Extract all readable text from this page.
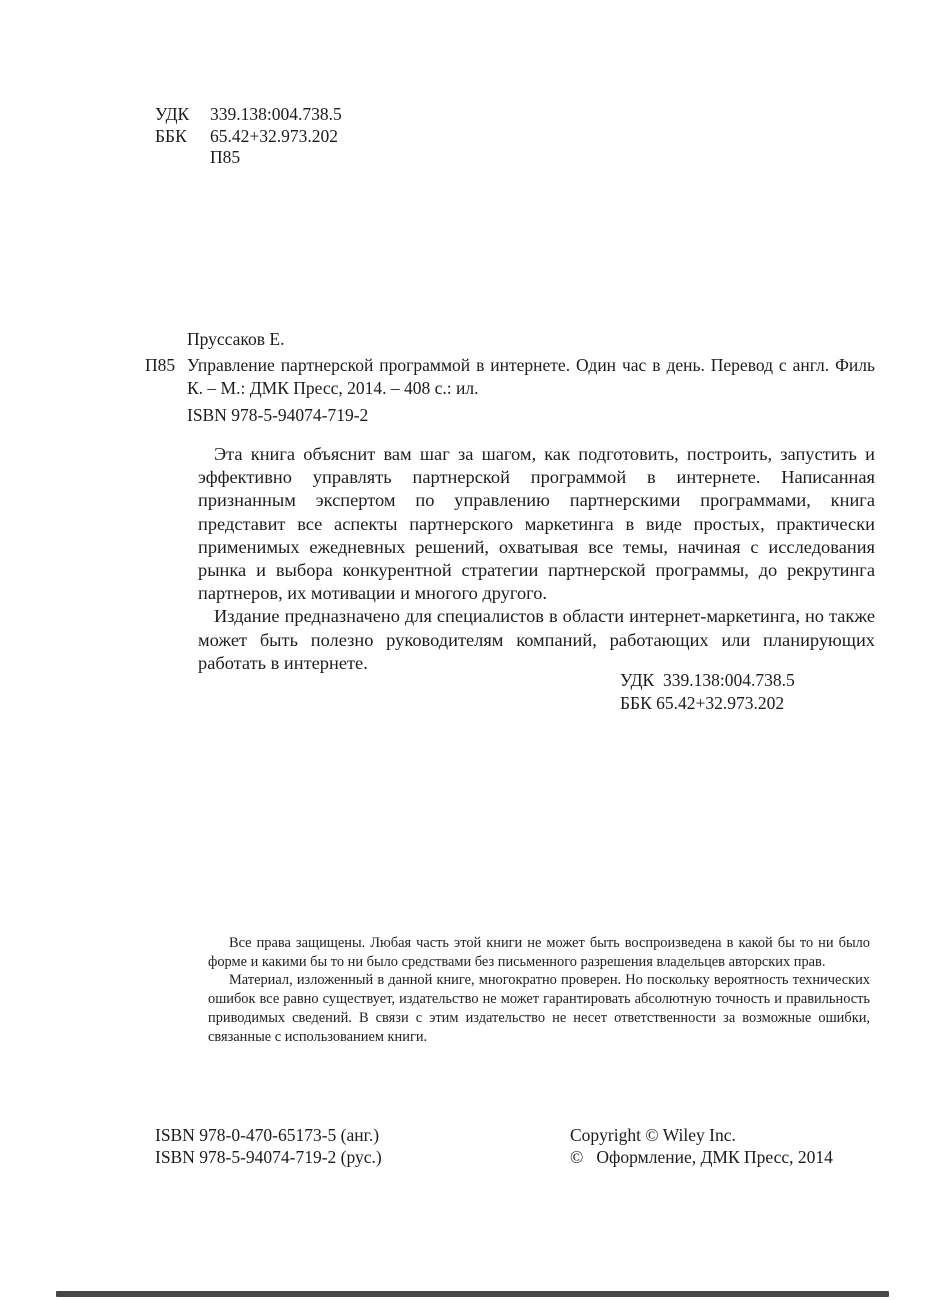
УДК	339.138:004.738.5
ББК	65.42+32.973.202
П85
Пруссаков Е.
П85 Управление партнерской программой в интернете. Один час в день. Перевод с англ. Филь К. – М.: ДМК Пресс, 2014. – 408 с.: ил.

ISBN 978-5-94074-719-2

Эта книга объяснит вам шаг за шагом, как подготовить, построить, запустить и эффективно управлять партнерской программой в интернете. Написанная признанным экспертом по управлению партнерскими программами, книга представит все аспекты партнерского маркетинга в виде простых, практически применимых ежедневных решений, охватывая все темы, начиная с исследования рынка и выбора конкурентной стратегии партнерской программы, до рекрутинга партнеров, их мотивации и многого другого.

Издание предназначено для специалистов в области интернет-маркетинга, но также может быть полезно руководителям компаний, работающих или планирующих работать в интернете.

УДК  339.138:004.738.5
ББК 65.42+32.973.202

Все права защищены. Любая часть этой книги не может быть воспроизведена в какой бы то ни было форме и какими бы то ни было средствами без письменного разрешения владельцев авторских прав.

Материал, изложенный в данной книге, многократно проверен. Но поскольку вероятность технических ошибок все равно существует, издательство не может гарантировать абсолютную точность и правильность приводимых сведений. В связи с этим издательство не несет ответственности за возможные ошибки, связанные с использованием книги.

ISBN 978-0-470-65173-5 (анг.)
ISBN 978-5-94074-719-2 (рус.)
Copyright © Wiley Inc.
©   Оформление, ДМК Пресс, 2014
